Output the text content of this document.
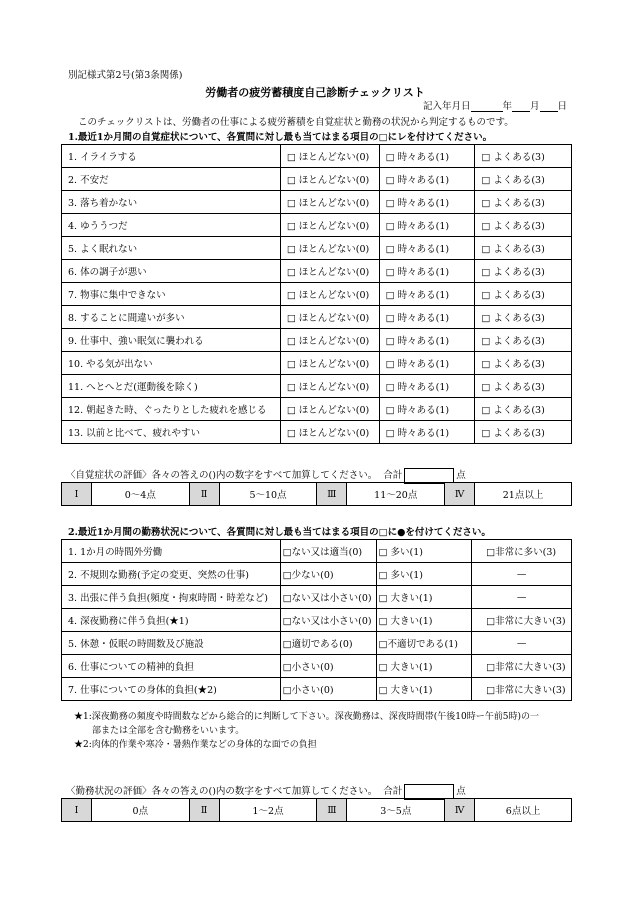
別記様式第2号(第3条関係)
労働者の疲労蓄積度自己診断チェックリスト
記入年月日	年 月 日
このチェックリストは、労働者の仕事による疲労蓄積を自覚症状と勤務の状況から判定するものです。
1.最近1か月間の自覚症状について、各質問に対し最も当てはまる項目の□にレを付けてください。
1. イライラする	□ ほとんどない(0)	□ 時々ある(1)	□ よくある(3)
2. 不安だ	□ ほとんどない(0)	□ 時々ある(1)	□ よくある(3)
3. 落ち着かない	□ ほとんどない(0)	□ 時々ある(1)	□ よくある(3)
4. ゆううつだ	□ ほとんどない(0)	□ 時々ある(1)	□ よくある(3)
5. よく眠れない	□ ほとんどない(0)	□ 時々ある(1)	□ よくある(3)
6. 体の調子が悪い	□ ほとんどない(0)	□ 時々ある(1)	□ よくある(3)
7. 物事に集中できない	□ ほとんどない(0)	□ 時々ある(1)	□ よくある(3)
8. することに間違いが多い	□ ほとんどない(0)	□ 時々ある(1)	□ よくある(3)
9. 仕事中、強い眠気に襲われる	□ ほとんどない(0)	□ 時々ある(1)	□ よくある(3)
10. やる気が出ない	□ ほとんどない(0)	□ 時々ある(1)	□ よくある(3)
11. へとへとだ(運動後を除く)	□ ほとんどない(0)	□ 時々ある(1)	□ よくある(3)
12. 朝起きた時、ぐったりとした疲れを感じる	□ ほとんどない(0)	□ 時々ある(1)	□ よくある(3)
13. 以前と比べて、疲れやすい	□ ほとんどない(0)	□ 時々ある(1)	□ よくある(3)
〈自覚症状の評価〉各々の答えの()内の数字をすべて加算してください。 合計	点
Ⅰ	0〜4点	Ⅱ	5〜10点	Ⅲ	11〜20点	Ⅳ	21点以上
2.最近1か月間の勤務状況について、各質問に対し最も当てはまる項目の□に●を付けてください。
1. 1か月の時間外労働	□ない又は適当(0)	□ 多い(1)	□非常に多い(3)
2. 不規則な勤務(予定の変更、突然の仕事)	□少ない(0)	□ 多い(1)	—
3. 出張に伴う負担(頻度・拘束時間・時差など)	□ない又は小さい(0)	□ 大きい(1)	—
4. 深夜勤務に伴う負担(★1)	□ない又は小さい(0)	□ 大きい(1)	□非常に大きい(3)
5. 休憩・仮眠の時間数及び施設	□適切である(0)	□不適切である(1)	—
6. 仕事についての精神的負担	□小さい(0)	□ 大きい(1)	□非常に大きい(3)
7. 仕事についての身体的負担(★2)	□小さい(0)	□ 大きい(1)	□非常に大きい(3)
★1:深夜勤務の頻度や時間数などから総合的に判断して下さい。深夜勤務は、深夜時間帯(午後10時ー午前5時)の一
部または全部を含む勤務をいいます。
★2:肉体的作業や寒冷・暑熱作業などの身体的な面での負担
〈勤務状況の評価〉各々の答えの()内の数字をすべて加算してください。 合計	点
Ⅰ	0点	Ⅱ	1〜2点	Ⅲ	3〜5点	Ⅳ	6点以上
